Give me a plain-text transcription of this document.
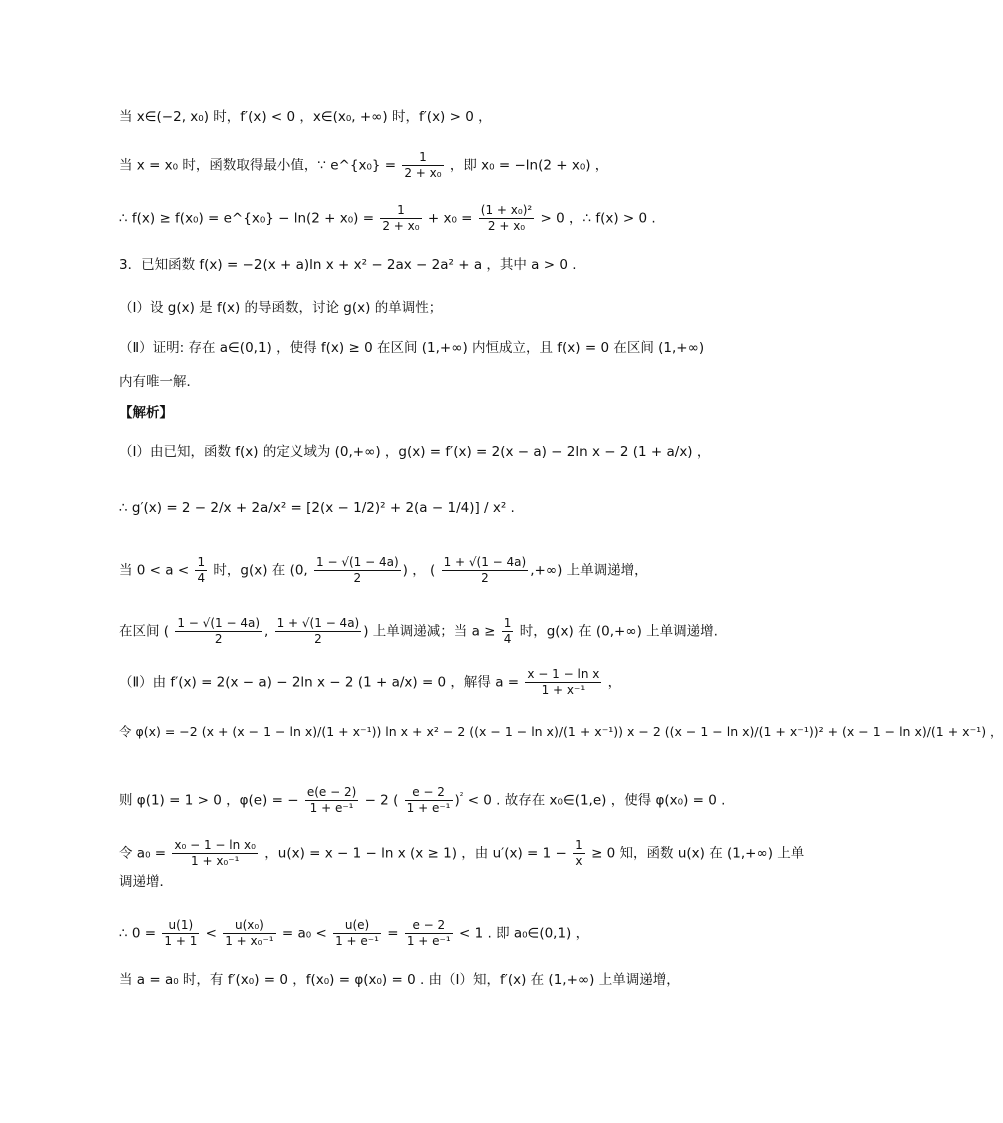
当 x∈(−2, x₀) 时，f′(x) < 0 ，x∈(x₀, +∞) 时，f′(x) > 0 ，
当 x = x₀ 时，函数取得最小值，∵ e^{x₀} = $\frac{1}{\text{2 + x₀}}$ ，即 x₀ = −ln(2 + x₀) ，
∴ f(x) ≥ f(x₀) = e^{x₀} − $\ln(2 + x_0) = \frac{1}{\text{2 + x₀}} + x_0 = \frac{\text{(1 + x₀)²}}{\text{2 + x₀}} > 0$ ，∴ f(x) > 0 .
3．已知函数 f(x) = −2(x + a)ln x + x² − 2ax − 2a² + a ，其中 a > 0 .
（Ⅰ）设 g(x) 是 f(x) 的导函数，讨论 g(x) 的单调性；
（Ⅱ）证明: 存在 a∈(0,1) ，使得 f(x) ≥ 0 在区间 (1,+∞) 内恒成立，且 f(x) = 0 在区间 (1,+∞)
内有唯一解．
【解析】
（Ⅰ）由已知，函数 f(x) 的定义域为 (0,+∞) ，g(x) = f′(x) = 2(x − a) − 2ln x − 2 (1 + a/x) ，
∴ g′(x) = 2 − 2/x + 2a/x² = [2(x − 1/2)² + 2(a − 1/4)] / x² .
当 $0 < a < \frac{1}{4}$ 时，g(x) 在 (0, $\frac{1 - √(1 - 4a)}{2}$ ) ， ( $\frac{1 + √(1 - 4a)}{2}$ ,+∞) 上单调递增，
在区间 ( $\frac{1 - √(1 - 4a)}{2}$ , $\frac{1 + √(1 - 4a)}{2}$ ) 上单调递减；当 $a \ge \frac{1}{4}$ 时，g(x) 在 (0,+∞) 上单调递增.
（Ⅱ）由 f′(x) = 2(x − a) − 2ln x − 2 (1 + a/x) = 0 ，解得 $a = \frac{\text{x − 1 − ln x}}{\text{1 + x⁻¹}}$ ，
令 φ(x) = −2 (x + (x − 1 − ln x)/(1 + x⁻¹)) ln x + x² − 2 ((x − 1 − ln x)/(1 + x⁻¹)) x − 2 ((x − 1 − ln x)/(1 + x⁻¹))² + (x − 1 − ln x)/(1 + x⁻¹) ，
则 φ(1) = 1 > 0 ，φ(e) = − $\frac{e(e - 2)}{\text{1 + e⁻¹}} - 2$ ( $\frac{e - 2}{\text{1 + e⁻¹}} )^{^2} < 0$ . 故存在 x₀∈(1,e) ，使得 φ(x₀) = 0 .
令 $a_0 = \frac{\text{x₀ − 1 − ln x₀}}{\text{1 + x₀⁻¹}}$ ，u(x) = x − 1 − ln x (x ≥ 1) ，由 $u'(x) = 1 - \frac{1}{x} \ge 0$ 知，函数 u(x) 在 (1,+∞) 上单
调递增．
∴ $0 = \frac{u(1)}{1 + 1} < \frac{\text{u(x₀)}}{\text{1 + x₀⁻¹}} = a_0 < \frac{u(e)}{\text{1 + e⁻¹}} = \frac{e - 2}{\text{1 + e⁻¹}} < 1$ . 即 a₀∈(0,1) ，
当 a = a₀ 时，有 f′(x₀) = 0 ，f(x₀) = φ(x₀) = 0 . 由（Ⅰ）知，f′(x) 在 (1,+∞) 上单调递增，
